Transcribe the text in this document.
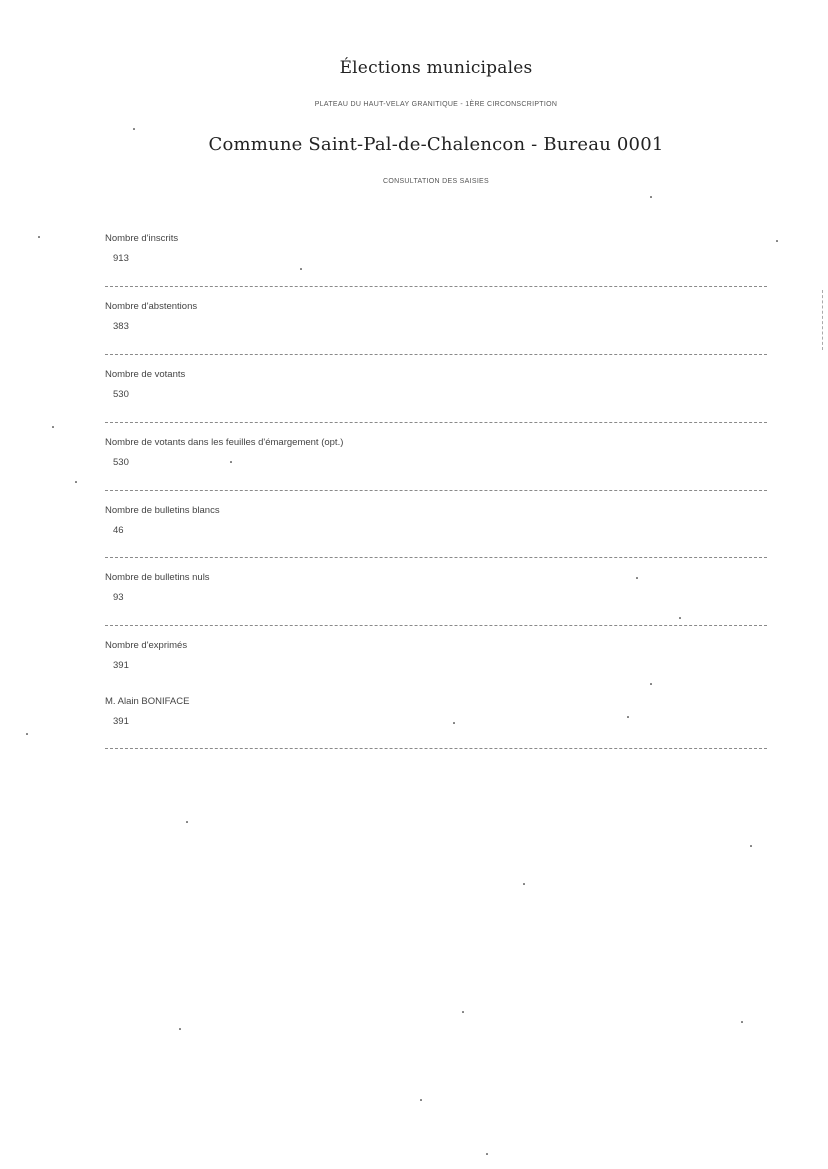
Élections municipales
PLATEAU DU HAUT-VELAY GRANITIQUE - 1ÈRE CIRCONSCRIPTION
Commune Saint-Pal-de-Chalencon - Bureau 0001
CONSULTATION DES SAISIES
Nombre d'inscrits
913
Nombre d'abstentions
383
Nombre de votants
530
Nombre de votants dans les feuilles d'émargement (opt.)
530
Nombre de bulletins blancs
46
Nombre de bulletins nuls
93
Nombre d'exprimés
391
M. Alain BONIFACE
391
